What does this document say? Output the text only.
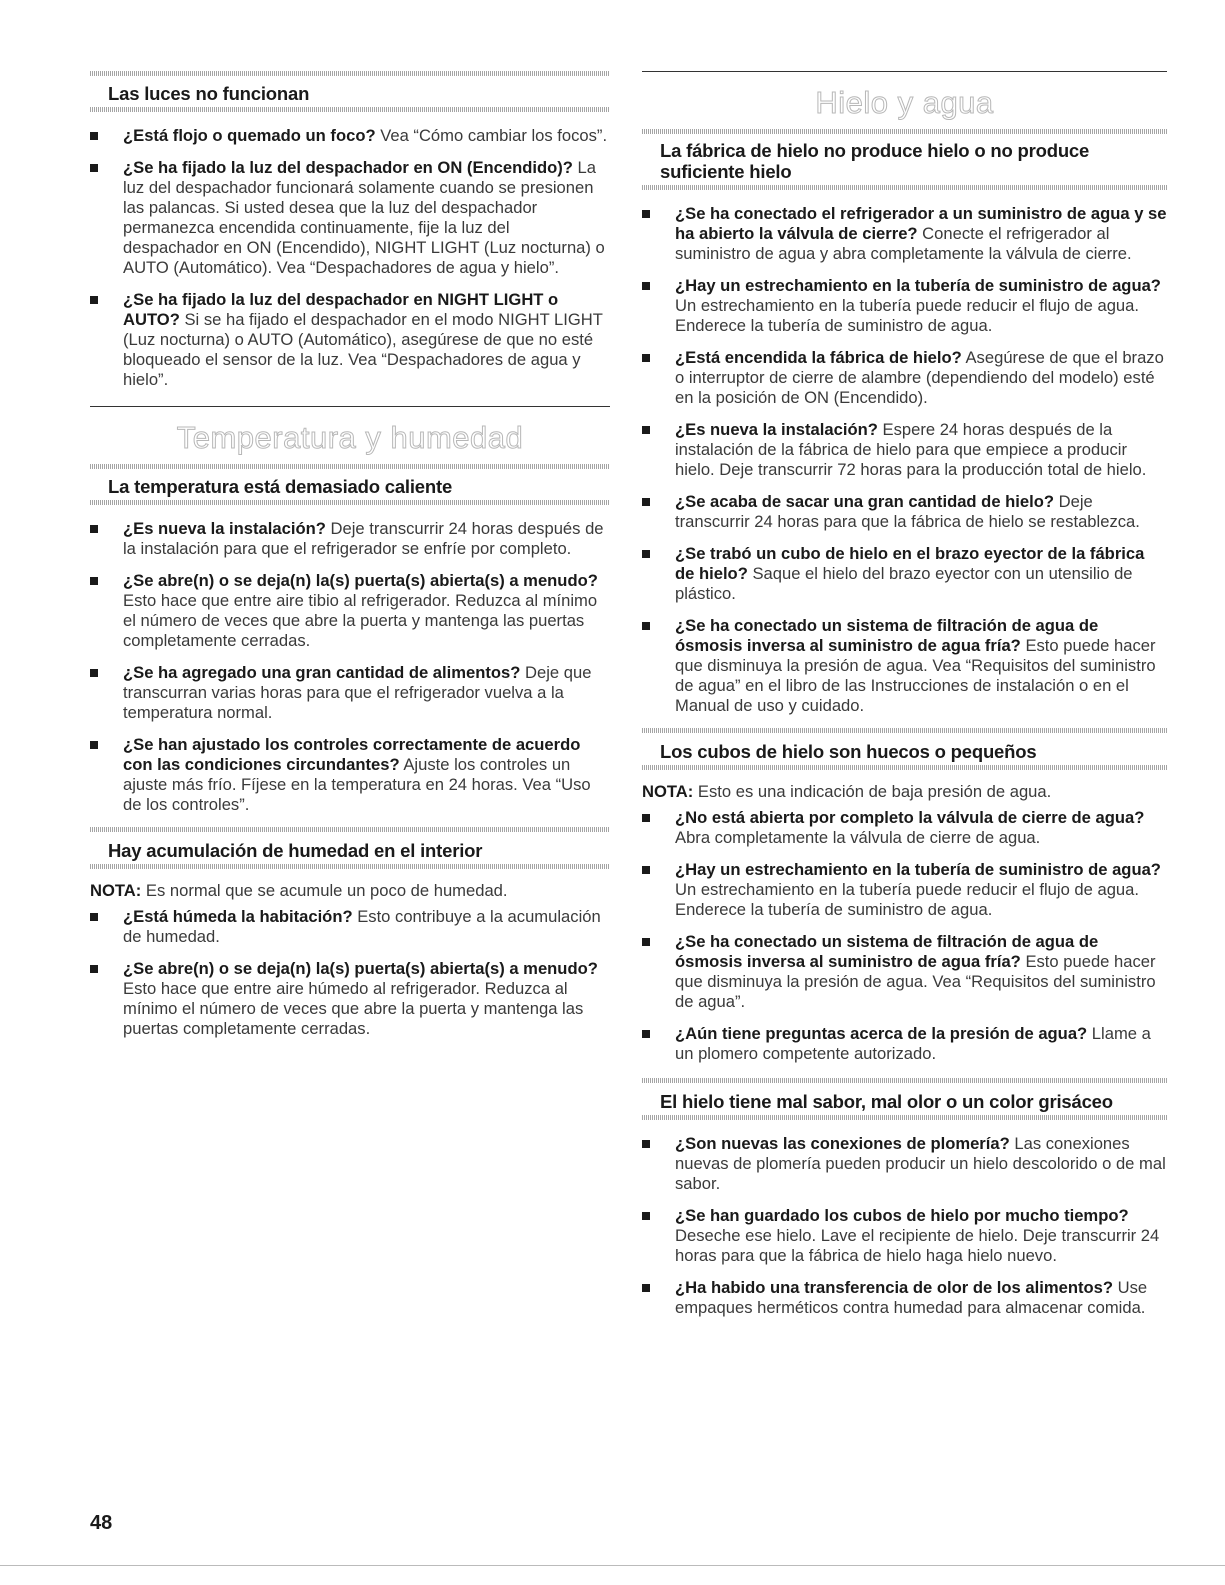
Las luces no funcionan
¿Está flojo o quemado un foco? Vea “Cómo cambiar los focos”.
¿Se ha fijado la luz del despachador en ON (Encendido)? La luz del despachador funcionará solamente cuando se presionen las palancas. Si usted desea que la luz del despachador permanezca encendida continuamente, fije la luz del despachador en ON (Encendido), NIGHT LIGHT (Luz nocturna) o AUTO (Automático). Vea “Despachadores de agua y hielo”.
¿Se ha fijado la luz del despachador en NIGHT LIGHT o AUTO? Si se ha fijado el despachador en el modo NIGHT LIGHT (Luz nocturna) o AUTO (Automático), asegúrese de que no esté bloqueado el sensor de la luz. Vea “Despachadores de agua y hielo”.
Temperatura y humedad
La temperatura está demasiado caliente
¿Es nueva la instalación? Deje transcurrir 24 horas después de la instalación para que el refrigerador se enfríe por completo.
¿Se abre(n) o se deja(n) la(s) puerta(s) abierta(s) a menudo? Esto hace que entre aire tibio al refrigerador. Reduzca al mínimo el número de veces que abre la puerta y mantenga las puertas completamente cerradas.
¿Se ha agregado una gran cantidad de alimentos? Deje que transcurran varias horas para que el refrigerador vuelva a la temperatura normal.
¿Se han ajustado los controles correctamente de acuerdo con las condiciones circundantes? Ajuste los controles un ajuste más frío. Fíjese en la temperatura en 24 horas. Vea “Uso de los controles”.
Hay acumulación de humedad en el interior
NOTA: Es normal que se acumule un poco de humedad.
¿Está húmeda la habitación? Esto contribuye a la acumulación de humedad.
¿Se abre(n) o se deja(n) la(s) puerta(s) abierta(s) a menudo? Esto hace que entre aire húmedo al refrigerador. Reduzca al mínimo el número de veces que abre la puerta y mantenga las puertas completamente cerradas.
Hielo y agua
La fábrica de hielo no produce hielo o no produce suficiente hielo
¿Se ha conectado el refrigerador a un suministro de agua y se ha abierto la válvula de cierre? Conecte el refrigerador al suministro de agua y abra completamente la válvula de cierre.
¿Hay un estrechamiento en la tubería de suministro de agua? Un estrechamiento en la tubería puede reducir el flujo de agua. Enderece la tubería de suministro de agua.
¿Está encendida la fábrica de hielo? Asegúrese de que el brazo o interruptor de cierre de alambre (dependiendo del modelo) esté en la posición de ON (Encendido).
¿Es nueva la instalación? Espere 24 horas después de la instalación de la fábrica de hielo para que empiece a producir hielo. Deje transcurrir 72 horas para la producción total de hielo.
¿Se acaba de sacar una gran cantidad de hielo? Deje transcurrir 24 horas para que la fábrica de hielo se restablezca.
¿Se trabó un cubo de hielo en el brazo eyector de la fábrica de hielo? Saque el hielo del brazo eyector con un utensilio de plástico.
¿Se ha conectado un sistema de filtración de agua de ósmosis inversa al suministro de agua fría? Esto puede hacer que disminuya la presión de agua. Vea “Requisitos del suministro de agua” en el libro de las Instrucciones de instalación o en el Manual de uso y cuidado.
Los cubos de hielo son huecos o pequeños
NOTA: Esto es una indicación de baja presión de agua.
¿No está abierta por completo la válvula de cierre de agua? Abra completamente la válvula de cierre de agua.
¿Hay un estrechamiento en la tubería de suministro de agua? Un estrechamiento en la tubería puede reducir el flujo de agua. Enderece la tubería de suministro de agua.
¿Se ha conectado un sistema de filtración de agua de ósmosis inversa al suministro de agua fría? Esto puede hacer que disminuya la presión de agua. Vea “Requisitos del suministro de agua”.
¿Aún tiene preguntas acerca de la presión de agua? Llame a un plomero competente autorizado.
El hielo tiene mal sabor, mal olor o un color grisáceo
¿Son nuevas las conexiones de plomería? Las conexiones nuevas de plomería pueden producir un hielo descolorido o de mal sabor.
¿Se han guardado los cubos de hielo por mucho tiempo? Deseche ese hielo. Lave el recipiente de hielo. Deje transcurrir 24 horas para que la fábrica de hielo haga hielo nuevo.
¿Ha habido una transferencia de olor de los alimentos? Use empaques herméticos contra humedad para almacenar comida.
48
